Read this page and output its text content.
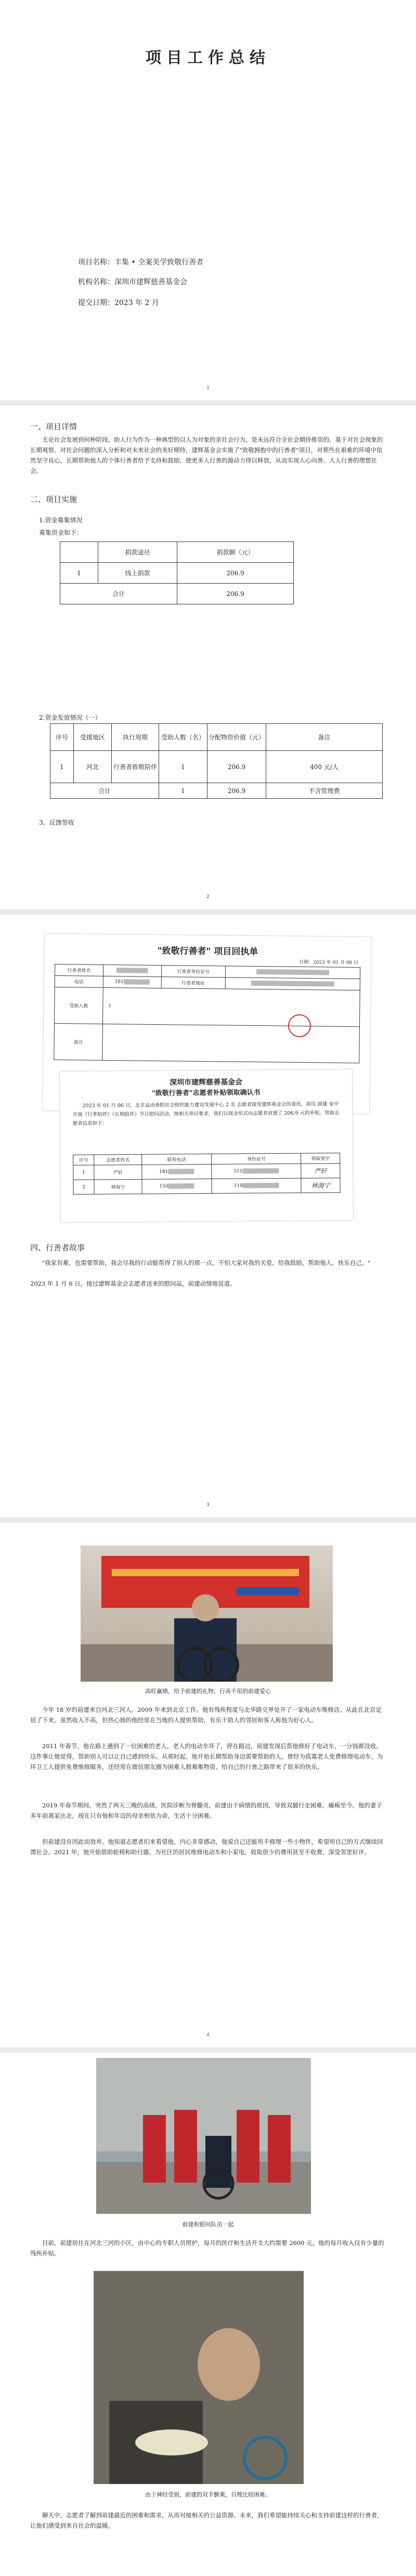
项目工作总结
项目名称：丰集 • 全案美学致敬行善者
机构名称：深圳市建辉慈善基金会
提交日期：2023 年 2 月
1
一、项目详情
无论社会发展到何种阶段，助人行为作为一种典型的以人为对象的亲社会行为，是未远符合全社会期待推崇的。基于对社会现象的长期观察，对社会问题的深入分析和对未来社会的美好期待，建辉基金会实施了"致敬拥抱中的行善者"项目，对那些在艰难的环境中依然坚守良心，长期帮助他人的个体行善者给予支持和鼓励，使更多人行善的源动力得以释放，从而实现人心向善、人人行善的理想社会。
二、项目实施
1.资金募集情况
募集资金如下：
	捐款途径	捐款额（元）
1	线上捐款	206.9
合计		206.9
2.资金发放情况（一）
序号	受援地区	执行周期	受助人数（名）	分配物资价值（元）	备注
1	河北	行善者致敬陪伴	1	206.9	400 元/人
合计			1	206.9	不含管理费
3、反馈签收
2
"致敬行善者" 项目回执单
日期：2023 年 01 月 06 日
行善者姓名		行善者身份证号	
电话	181	行善者地址	
受捐人数	1		
备注			
深圳市建辉慈善基金会
"致敬行善者"志愿者补贴领取确认书
2023 年 01 月 06 日，北京益动善阳社会组织能力建设发展中心 2 名 志愿者接受建辉基金会的委托，前往 固建 家中开展《行孝陪伴》《长期陪伴》节日慰问活动，按相关项目要求，我们以现金形式向志愿者放置了 206.9 元的补贴。领取志愿者信息如下：
序号	志愿者姓名	联系电话	身份证号	领取签字
1	严轩	181	511	严轩
2	林海宁	150	110	林海宁
四、行善者故事
"我家有难，也需要帮助，我会尽我的行动能帮得了别人的那一点，不怕大家对我的关爱，给我鼓励，帮助他人，快乐自己。"
2023 年 1 月 6 日，接过建辉基金会志愿者送来的慰问品，前建动情地说道。
3
高旺赢赌，给予前建的礼物，行善不用的前建爱心
今年 18 岁的前建来自河北三河人，2009 年来到北京工作。他有残疾程度与北华路交界处开了一家电动车维修店。从此在北京定居了下来。虽然收入不高，但热心肠的他经常在当地的人提供帮助，有乐于助人的邻居和客人称他为好心人。
2011 年春节，他在路上遇到了一位困难的老人，老人的电动车坏了，停在路边，前建发现后帮他修好了电动车，一分钱都没收。这件事让他觉得，帮助别人可以让自己感到快乐。从那时起，他开始长期帮助身边需要帮助的人，曾经为孤寡老人免费修理电动车，为环卫工人提供免费维修服务，还经常在微信朋友圈为困难人群募集物资，给自己的行善之路带来了很多的快乐。
2019 年春节期间，突然了两天三晚的高烧。医院诊断为脊髓炎，前建由于病情的原因，导致双腿行走困难，瘫痪至今。他的妻子多年前离家出走，现在只有他和年迈的母亲相依为命，生活十分困难。
但前建没有因此而放弃。他知道志愿者们来看望他，内心非常感动，他说自己还能用手修理一些小物件，希望用自己的方式继续回馈社会。2021 年，他开始借助轮椅和助行器，为社区的居民维修电动车和小家电，收取很少的费用甚至不收费，深受邻里好评。
4
前建和慰问队员一起
目前，前建居住在河北三河的小区，由中心的专职人员照护，每月的医疗和生活开支大约需要 2600 元，他的每月收入仅有少量的残疾补贴。
由于神经受损，前建的双手颤栗，自理比较困难。
聊天中，志愿者了解到前建最近的困难和需求，从而对接相关的公益资源。未来，我们希望能持续关心和支持前建这样的行善者，让他们感受到来自社会的温暖。
